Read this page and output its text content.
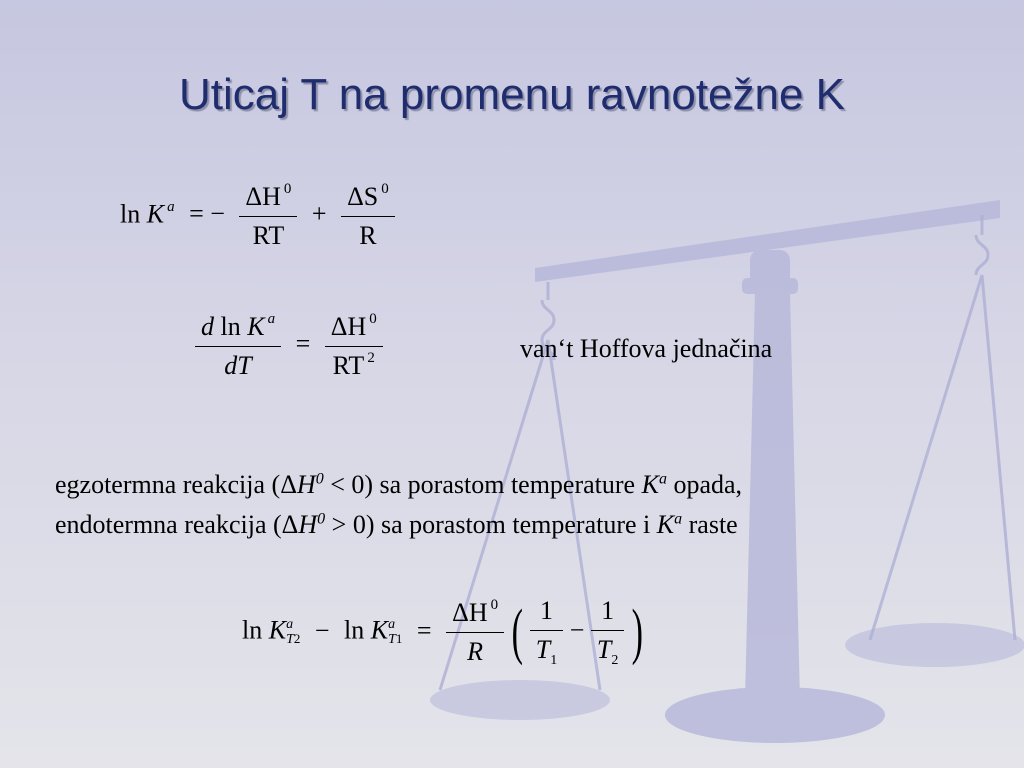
Uticaj T na promenu ravnotežne K
ln K $^a$ = − $\frac{\Delta H ^0}{RT} + \frac{\Delta S ^0}{R}$
$\frac{d \ln K ^a}{dT} = \frac{\Delta H ^0}{RT ^2}$	van‘t Hoffova jednačina
egzotermna reakcija $(\Delta H^0 < 0)$ sa porastom temperature $K^a$ opada,
endotermna reakcija $(\Delta H^0 > 0)$ sa porastom temperature i $K^a$ raste
ln K a
T2 − ln K a
$T1 = \frac{\Delta H ^0}{R}$ ( $\frac{1}{T_1} - \frac{1}{T_2}$ )
